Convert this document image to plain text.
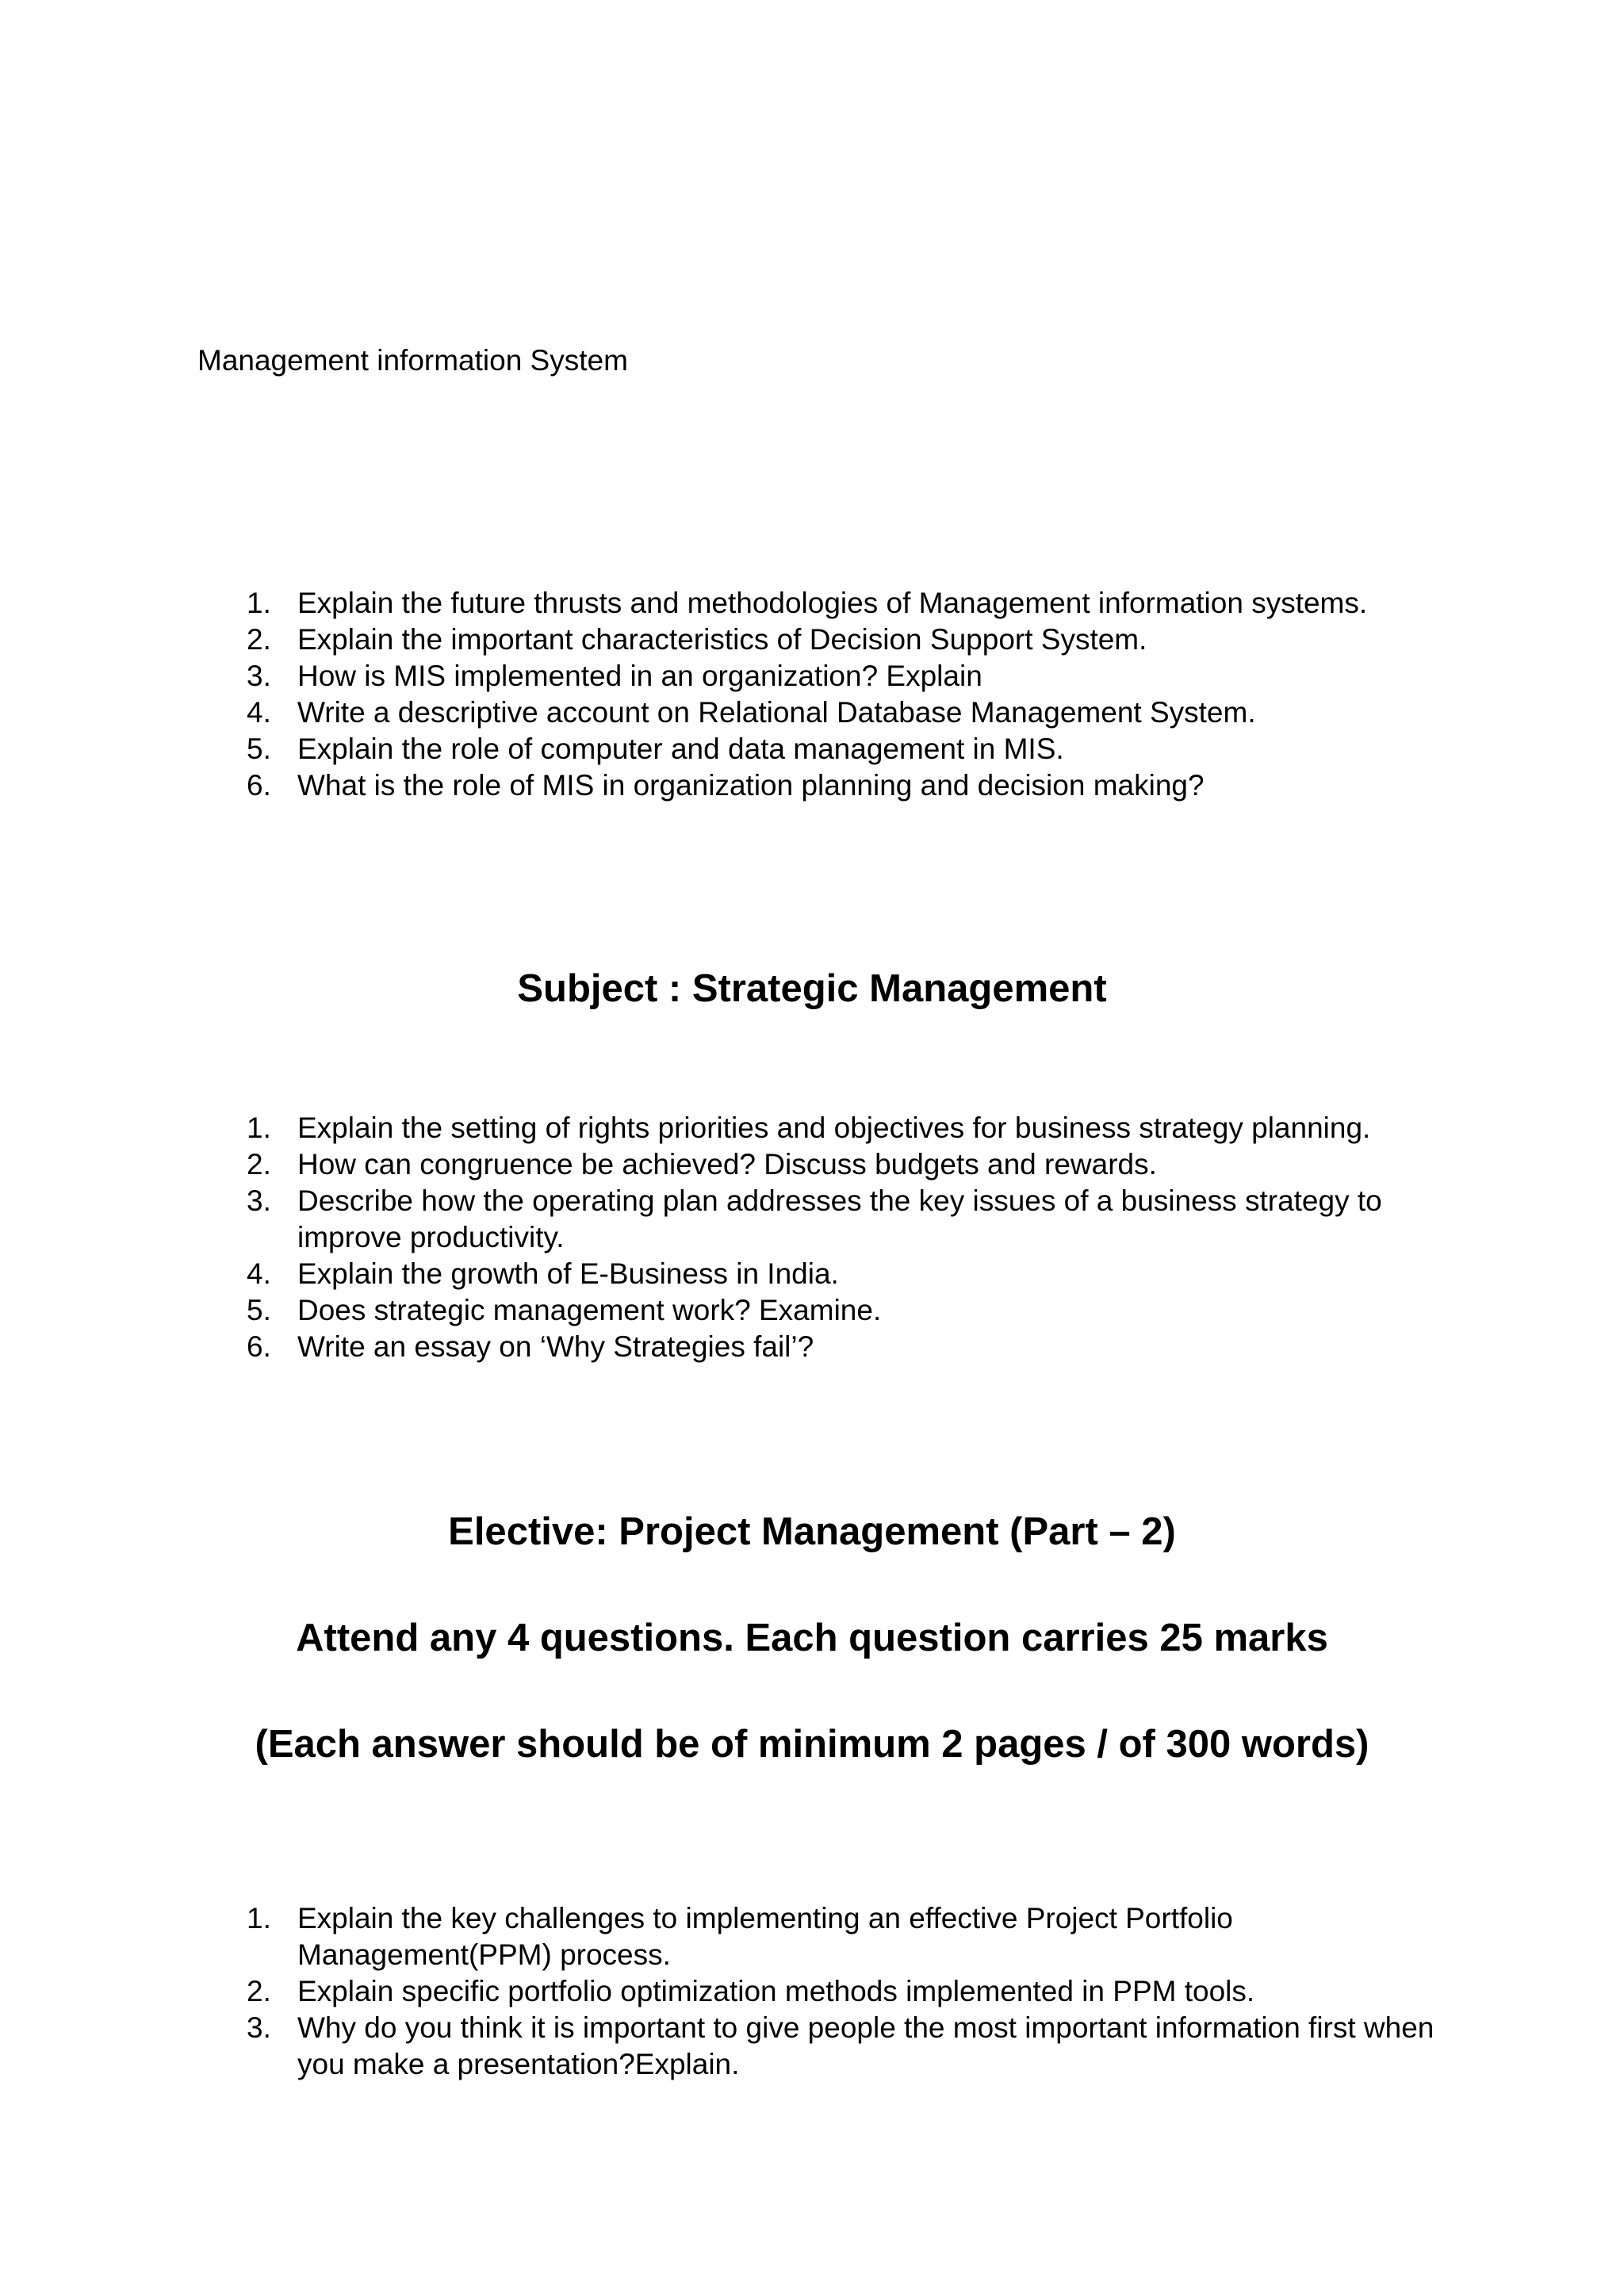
Management information System
1. Explain the future thrusts and methodologies of Management information systems.
2. Explain the important characteristics of Decision Support System.
3. How is MIS implemented in an organization? Explain
4. Write a descriptive account on Relational Database Management System.
5. Explain the role of computer and data management in MIS.
6. What is the role of MIS in organization planning and decision making?
Subject : Strategic Management
1. Explain the setting of rights priorities and objectives for business strategy planning.
2. How can congruence be achieved? Discuss budgets and rewards.
3. Describe how the operating plan addresses the key issues of a business strategy to improve productivity.
4. Explain the growth of E-Business in India.
5. Does strategic management work? Examine.
6. Write an essay on ‘Why Strategies fail’?
Elective: Project Management (Part – 2)
Attend any 4 questions. Each question carries 25 marks
(Each answer should be of minimum 2 pages / of 300 words)
1. Explain the key challenges to implementing an effective Project Portfolio Management(PPM) process.
2. Explain specific portfolio optimization methods implemented in PPM tools.
3. Why do you think it is important to give people the most important information first when you make a presentation?Explain.
